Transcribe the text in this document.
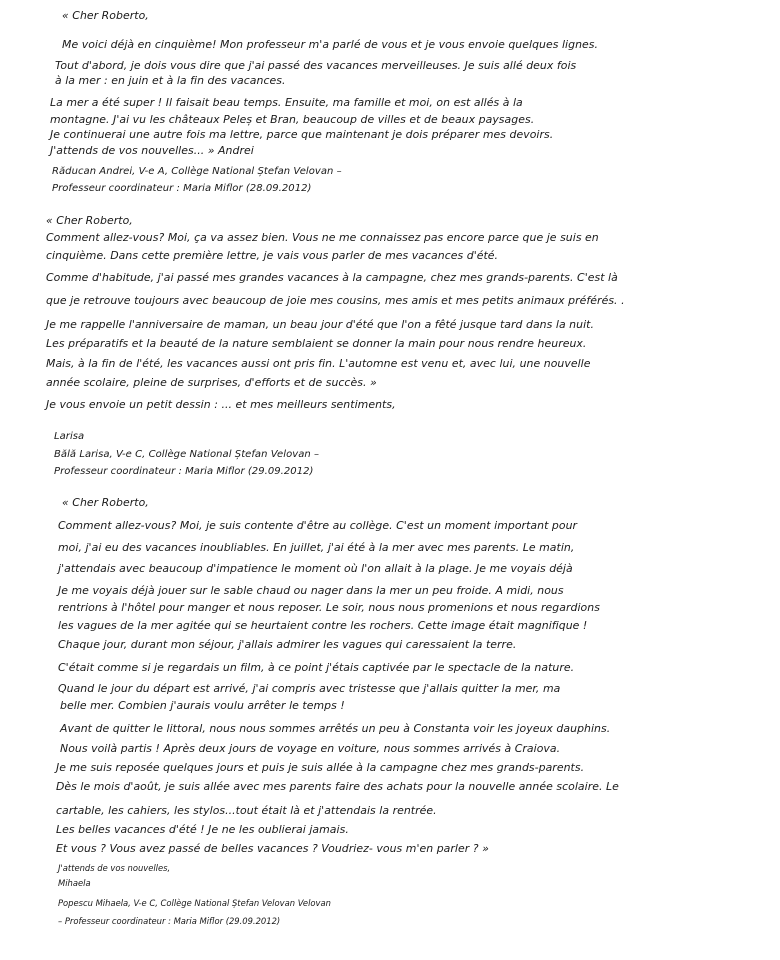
« Cher Roberto,
Me voici déjà en cinquième! Mon professeur m'a parlé de vous et je vous envoie quelques lignes.
Tout d'abord, je dois vous dire que j'ai passé des vacances merveilleuses. Je suis allé deux fois
à la mer : en juin et à la fin des vacances.
La mer a été super ! Il faisait beau temps. Ensuite, ma famille et moi, on est allés à la
montagne. J'ai vu les châteaux Peleș et Bran, beaucoup de villes et de beaux paysages.
Je continuerai une autre fois ma lettre, parce que maintenant je dois préparer mes devoirs.
J'attends de vos nouvelles... » Andrei
Răducan Andrei, V-e A, Collège National Ștefan Velovan –
Professeur coordinateur : Maria Miflor (28.09.2012)
« Cher Roberto,
Comment allez-vous? Moi, ça va assez bien. Vous ne me connaissez pas encore parce que je suis en
cinquième. Dans cette première lettre, je vais vous parler de mes vacances d'été.
Comme d'habitude, j'ai passé mes grandes vacances à la campagne, chez mes grands-parents. C'est là
que je retrouve toujours avec beaucoup de joie mes cousins, mes amis et mes petits animaux préférés. .
Je me rappelle l'anniversaire de maman, un beau jour d'été que l'on a fêté jusque tard dans la nuit.
Les préparatifs et la beauté de la nature semblaient se donner la main pour nous rendre heureux.
Mais, à la fin de l'été, les vacances aussi ont pris fin. L'automne est venu et, avec lui, une nouvelle
année scolaire, pleine de surprises, d'efforts et de succès. »
Je vous envoie un petit dessin : ... et mes meilleurs sentiments,
Larisa
Bălă Larisa, V-e C, Collège National Ștefan Velovan –
Professeur coordinateur : Maria Miflor (29.09.2012)
« Cher Roberto,
Comment allez-vous? Moi, je suis contente d'être au collège. C'est un moment important pour
moi, j'ai eu des vacances inoubliables. En juillet, j'ai été à la mer avec mes parents. Le matin,
j'attendais avec beaucoup d'impatience le moment où l'on allait à la plage. Je me voyais déjà
Je me voyais déjà jouer sur le sable chaud ou nager dans la mer un peu froide. A midi, nous
rentrions à l'hôtel pour manger et nous reposer. Le soir, nous nous promenions et nous regardions
les vagues de la mer agitée qui se heurtaient contre les rochers. Cette image était magnifique !
Chaque jour, durant mon séjour, j'allais admirer les vagues qui caressaient la terre.
C'était comme si je regardais un film, à ce point j'étais captivée par le spectacle de la nature.
Quand le jour du départ est arrivé, j'ai compris avec tristesse que j'allais quitter la mer, ma
belle mer. Combien j'aurais voulu arrêter le temps !
Avant de quitter le littoral, nous nous sommes arrêtés un peu à Constanta voir les joyeux dauphins.
Nous voilà partis ! Après deux jours de voyage en voiture, nous sommes arrivés à Craiova.
Je me suis reposée quelques jours et puis je suis allée à la campagne chez mes grands-parents.
Dès le mois d'août, je suis allée avec mes parents faire des achats pour la nouvelle année scolaire. Le
cartable, les cahiers, les stylos...tout était là et j'attendais la rentrée.
Les belles vacances d'été ! Je ne les oublierai jamais.
Et vous ? Vous avez passé de belles vacances ? Voudriez- vous m'en parler ? »
J'attends de vos nouvelles,
Mihaela
Popescu Mihaela, V-e C, Collège National Ștefan Velovan Velovan
– Professeur coordinateur : Maria Miflor (29.09.2012)
